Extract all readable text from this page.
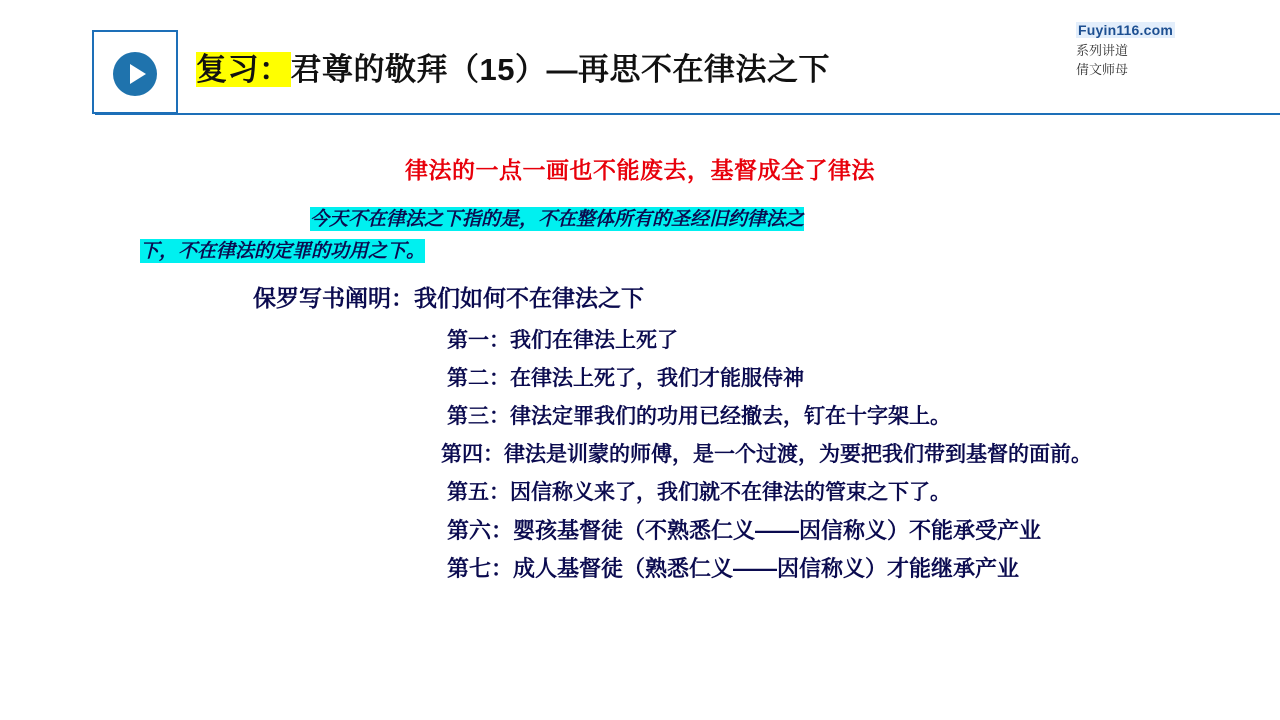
复习：君尊的敬拜（15）—再思不在律法之下
Fuyin116.com
系列讲道
倩文师母
律法的一点一画也不能废去，基督成全了律法
今天不在律法之下指的是，不在整体所有的圣经旧约律法之
下，不在律法的定罪的功用之下。
保罗写书阐明：我们如何不在律法之下
第一：我们在律法上死了
第二：在律法上死了，我们才能服侍神
第三：律法定罪我们的功用已经撤去，钉在十字架上。
第四：律法是训蒙的师傅，是一个过渡，为要把我们带到基督的面前。
第五：因信称义来了，我们就不在律法的管束之下了。
第六：婴孩基督徒（不熟悉仁义——因信称义）不能承受产业
第七：成人基督徒（熟悉仁义——因信称义）才能继承产业
